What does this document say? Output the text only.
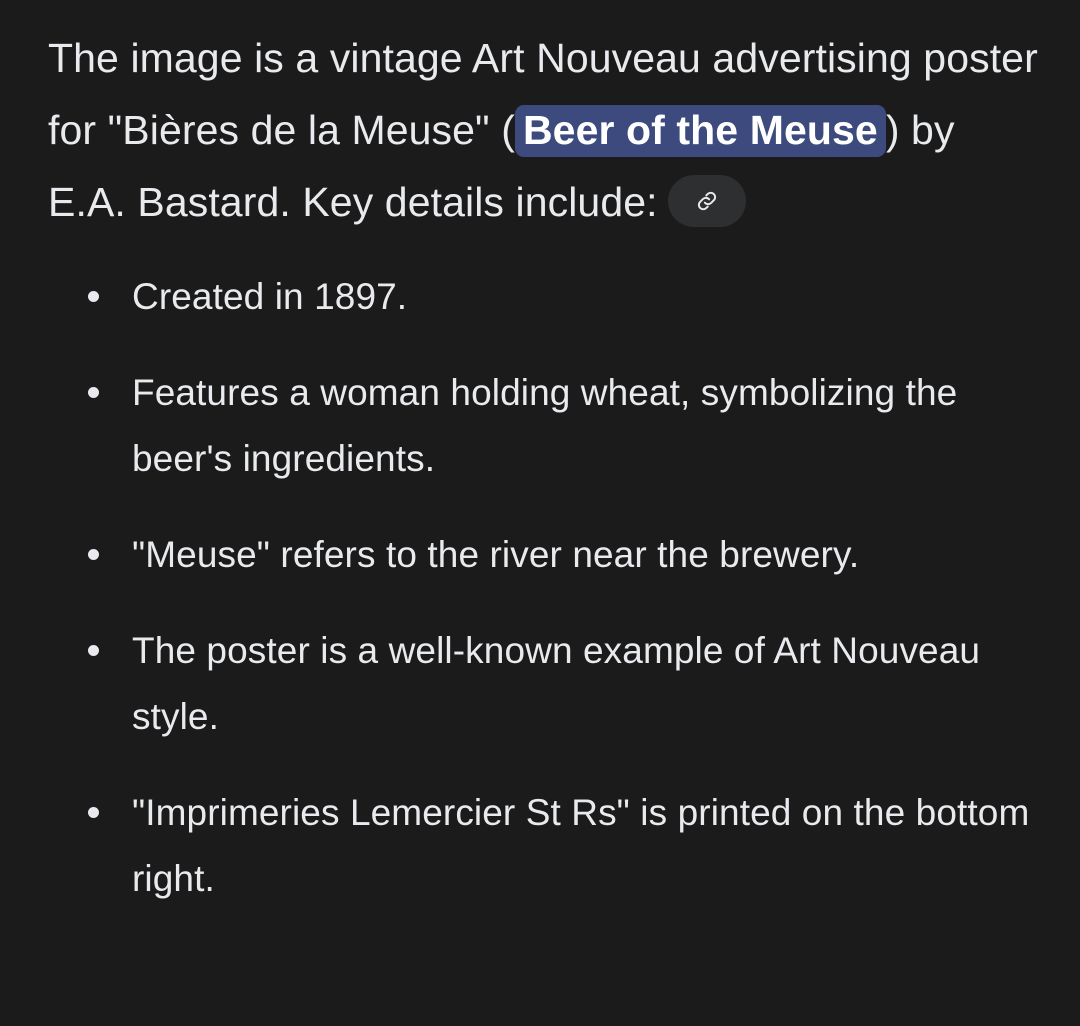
The image is a vintage Art Nouveau advertising poster for "Bières de la Meuse" ( Beer of the Meuse ) by E.A. Bastard. Key details include:

Created in 1897.
Features a woman holding wheat, symbolizing the beer's ingredients.
"Meuse" refers to the river near the brewery.
The poster is a well-known example of Art Nouveau style.
"Imprimeries Lemercier St Rs" is printed on the bottom right.
